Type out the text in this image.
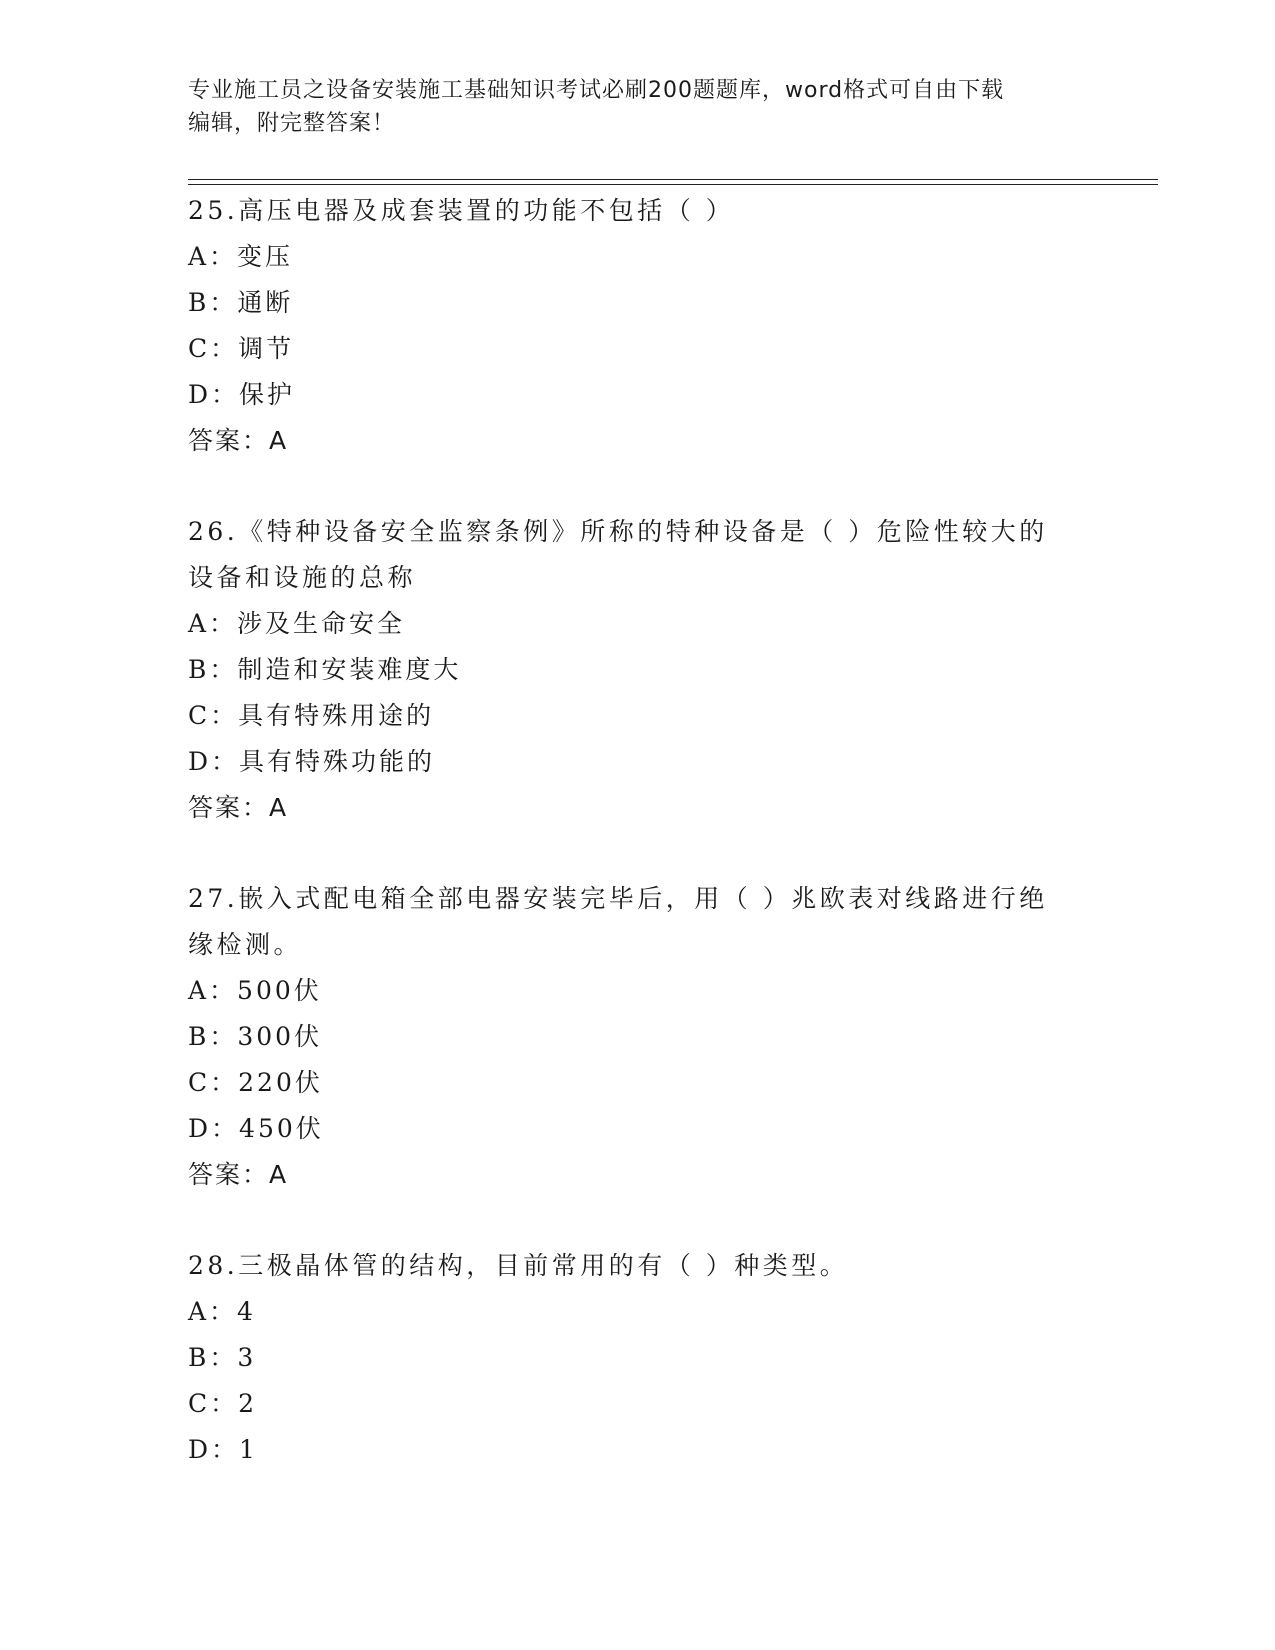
专业施工员之设备安装施工基础知识考试必刷200题题库，word格式可自由下载
编辑，附完整答案！
25.高压电器及成套装置的功能不包括（ ）
A：变压
B：通断
C：调节
D：保护
答案：A
26.《特种设备安全监察条例》所称的特种设备是（ ）危险性较大的设备和设施的总称
A：涉及生命安全
B：制造和安装难度大
C：具有特殊用途的
D：具有特殊功能的
答案：A
27.嵌入式配电箱全部电器安装完毕后，用（ ）兆欧表对线路进行绝缘检测。
A：500伏
B：300伏
C：220伏
D：450伏
答案：A
28.三极晶体管的结构，目前常用的有（ ）种类型。
A：4
B：3
C：2
D：1
